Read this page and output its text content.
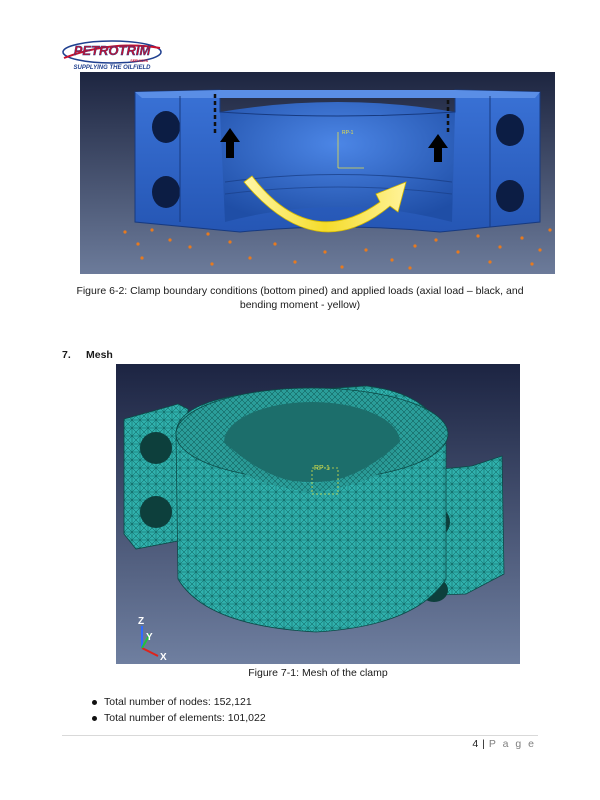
PETROTRIM
SERVICES
SUPPLYING THE OILFIELD
RP-1
Figure 6-2: Clamp boundary conditions (bottom pined) and applied loads (axial load – black, and bending moment - yellow)
7. Mesh
RP-1
Z
Y
X
Figure 7-1: Mesh of the clamp
Total number of nodes: 152,121
Total number of elements: 101,022
4 | P a g e
